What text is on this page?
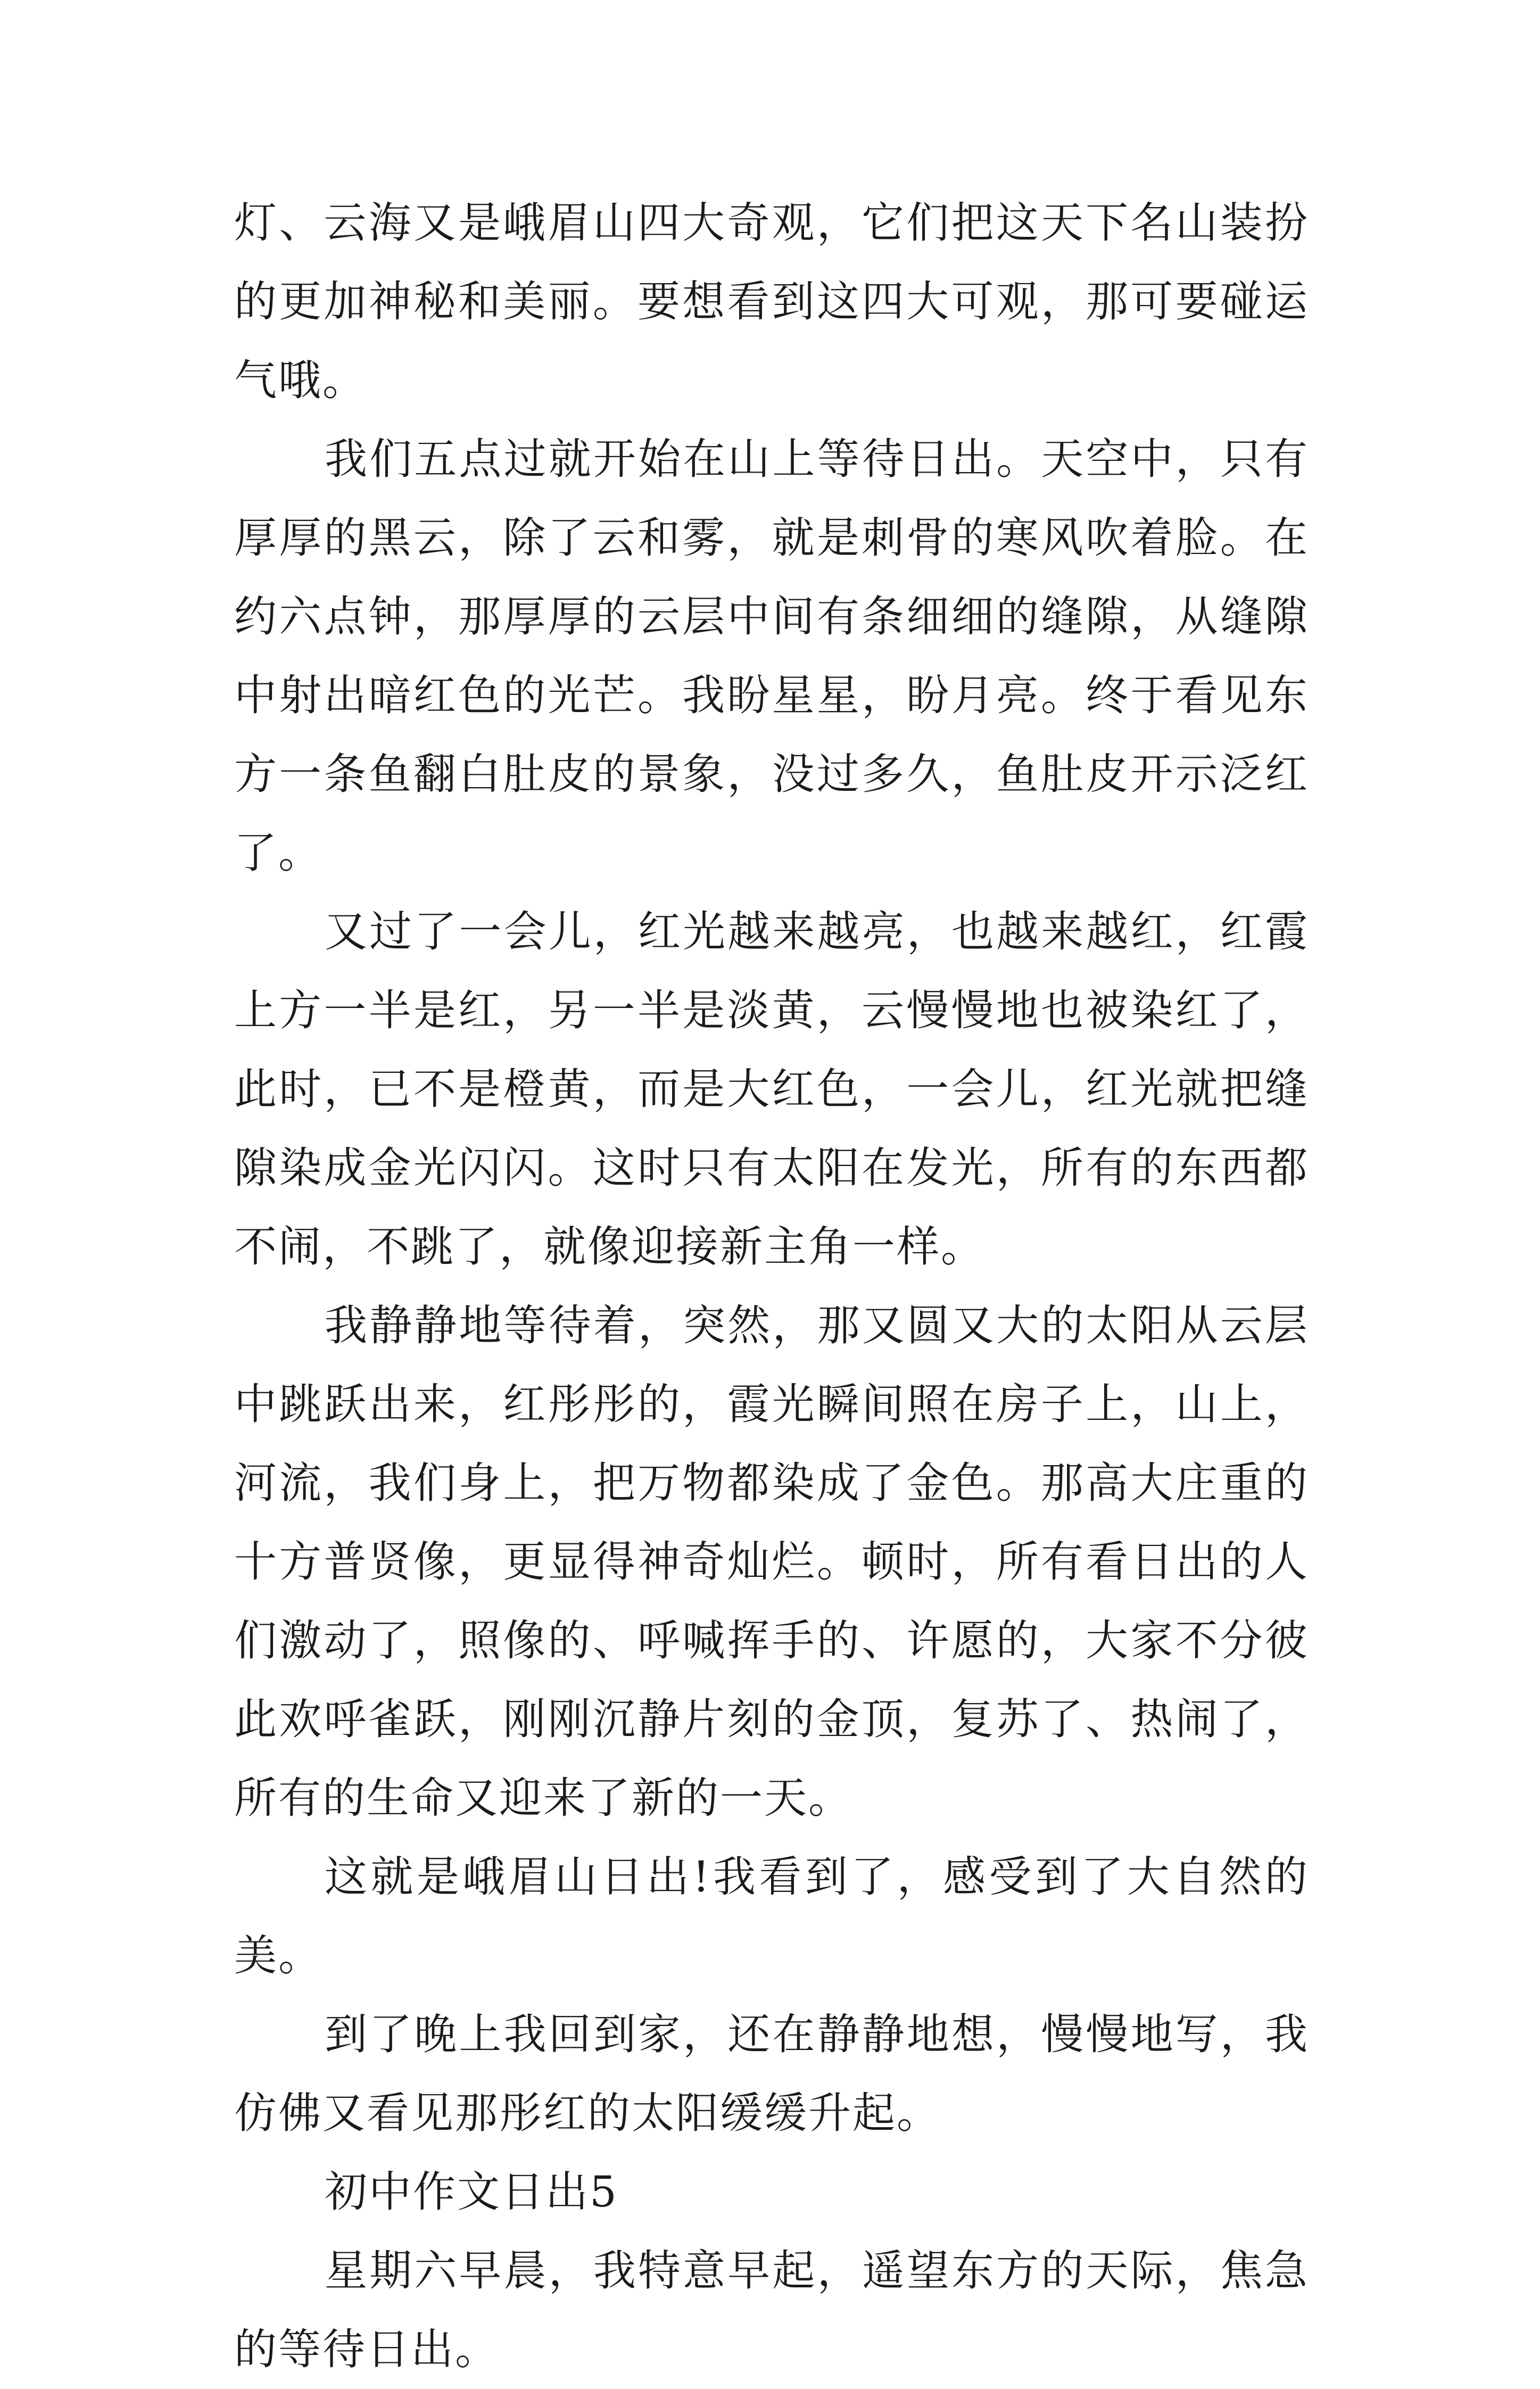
灯、云海又是峨眉山四大奇观，它们把这天下名山装扮的更加神秘和美丽。要想看到这四大可观，那可要碰运气哦。

我们五点过就开始在山上等待日出。天空中，只有厚厚的黑云，除了云和雾，就是刺骨的寒风吹着脸。在约六点钟，那厚厚的云层中间有条细细的缝隙，从缝隙中射出暗红色的光芒。我盼星星，盼月亮。终于看见东方一条鱼翻白肚皮的景象，没过多久，鱼肚皮开示泛红了。

又过了一会儿，红光越来越亮，也越来越红，红霞上方一半是红，另一半是淡黄，云慢慢地也被染红了，此时，已不是橙黄，而是大红色，一会儿，红光就把缝隙染成金光闪闪。这时只有太阳在发光，所有的东西都不闹，不跳了，就像迎接新主角一样。

我静静地等待着，突然，那又圆又大的太阳从云层中跳跃出来，红彤彤的，霞光瞬间照在房子上，山上，河流，我们身上，把万物都染成了金色。那高大庄重的十方普贤像，更显得神奇灿烂。顿时，所有看日出的人们激动了，照像的、呼喊挥手的、许愿的，大家不分彼此欢呼雀跃，刚刚沉静片刻的金顶，复苏了、热闹了，所有的生命又迎来了新的一天。

这就是峨眉山日出!我看到了，感受到了大自然的美。

到了晚上我回到家，还在静静地想，慢慢地写，我仿佛又看见那彤红的太阳缓缓升起。

初中作文日出5

星期六早晨，我特意早起，遥望东方的天际，焦急的等待日出。
